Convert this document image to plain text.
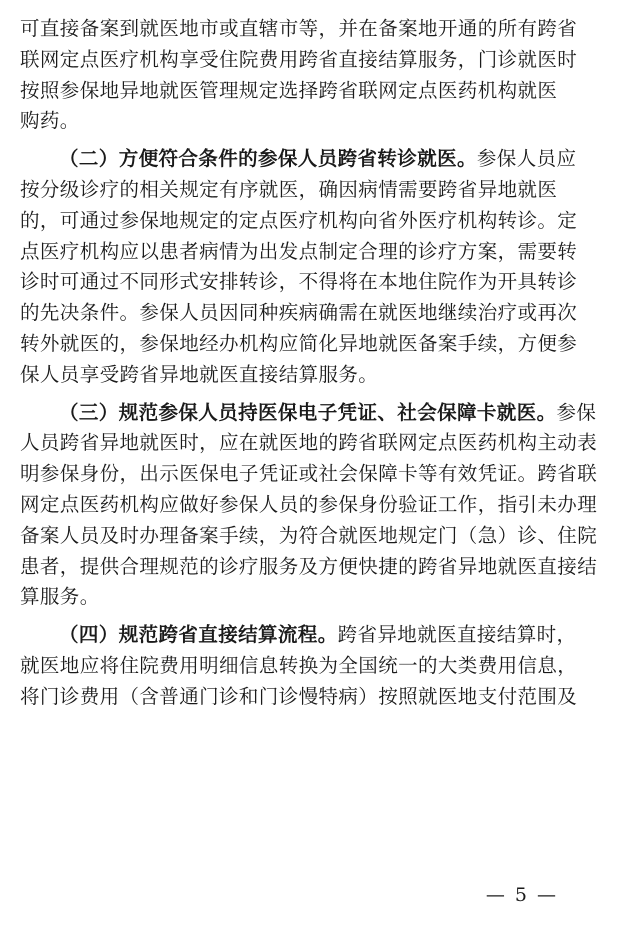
可直接备案到就医地市或直辖市等，并在备案地开通的所有跨省
联网定点医疗机构享受住院费用跨省直接结算服务，门诊就医时
按照参保地异地就医管理规定选择跨省联网定点医药机构就医
购药。
（二）方便符合条件的参保人员跨省转诊就医。参保人员应
按分级诊疗的相关规定有序就医，确因病情需要跨省异地就医
的，可通过参保地规定的定点医疗机构向省外医疗机构转诊。定
点医疗机构应以患者病情为出发点制定合理的诊疗方案，需要转
诊时可通过不同形式安排转诊，不得将在本地住院作为开具转诊
的先决条件。参保人员因同种疾病确需在就医地继续治疗或再次
转外就医的，参保地经办机构应简化异地就医备案手续，方便参
保人员享受跨省异地就医直接结算服务。
（三）规范参保人员持医保电子凭证、社会保障卡就医。参保
人员跨省异地就医时，应在就医地的跨省联网定点医药机构主动表
明参保身份，出示医保电子凭证或社会保障卡等有效凭证。跨省联
网定点医药机构应做好参保人员的参保身份验证工作，指引未办理
备案人员及时办理备案手续，为符合就医地规定门（急）诊、住院
患者，提供合理规范的诊疗服务及方便快捷的跨省异地就医直接结
算服务。
（四）规范跨省直接结算流程。跨省异地就医直接结算时，
就医地应将住院费用明细信息转换为全国统一的大类费用信息，
将门诊费用（含普通门诊和门诊慢特病）按照就医地支付范围及
— 5 —
